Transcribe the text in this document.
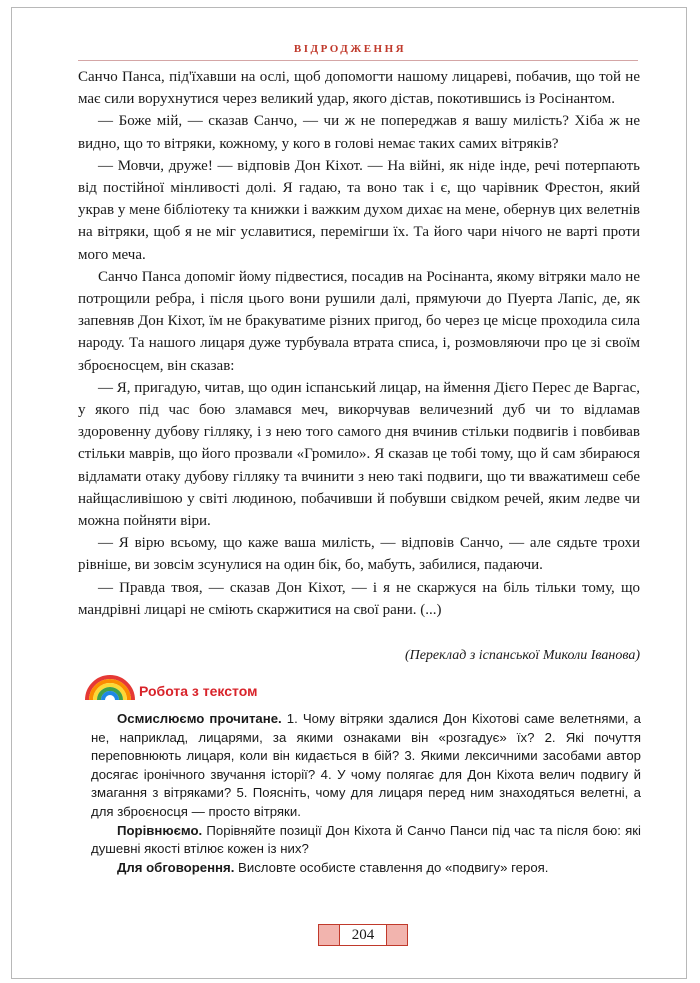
ВІДРОДЖЕННЯ

Санчо Панса, під'їхавши на ослі, щоб допомогти нашому лицареві, побачив, що той не має сили ворухнутися через великий удар, якого дістав, покотившись із Росінантом.

— Боже мій, — сказав Санчо, — чи ж не попереджав я вашу милість? Хіба ж не видно, що то вітряки, кожному, у кого в голові немає таких самих вітряків?

— Мовчи, друже! — відповів Дон Кіхот. — На війні, як ніде інде, речі потерпають від постійної мінливості долі. Я гадаю, та воно так і є, що чарівник Фрестон, який украв у мене бібліотеку та книжки і важким духом дихає на мене, обернув цих велетнів на вітряки, щоб я не міг уславитися, перемігши їх. Та його чари нічого не варті проти мого меча.

Санчо Панса допоміг йому підвестися, посадив на Росінанта, якому вітряки мало не потрощили ребра, і після цього вони рушили далі, прямуючи до Пуерта Лапіс, де, як запевняв Дон Кіхот, їм не бракуватиме різних пригод, бо через це місце проходила сила народу. Та нашого лицаря дуже турбувала втрата списа, і, розмовляючи про це зі своїм зброєносцем, він сказав:

— Я, пригадую, читав, що один іспанський лицар, на ймення Дієго Перес де Варгас, у якого під час бою зламався меч, викорчував величезний дуб чи то відламав здоровенну дубову гілляку, і з нею того самого дня вчинив стільки подвигів і повбивав стільки маврів, що його прозвали «Громило». Я сказав це тобі тому, що й сам збираюся відламати отаку дубову гілляку та вчинити з нею такі подвиги, що ти вважатимеш себе найщасливішою у світі людиною, побачивши й побувши свідком речей, яким ледве чи можна пойняти віри.

— Я вірю всьому, що каже ваша милість, — відповів Санчо, — але сядьте трохи рівніше, ви зовсім зсунулися на один бік, бо, мабуть, забилися, падаючи.

— Правда твоя, — сказав Дон Кіхот, — і я не скаржуся на біль тільки тому, що мандрівні лицарі не сміють скаржитися на свої рани. (...)

(Переклад з іспанської Миколи Іванова)
Робота з текстом

Осмислюємо прочитане. 1. Чому вітряки здалися Дон Кіхотові саме велетнями, а не, наприклад, лицарями, за якими ознаками він «розгадує» їх? 2. Які почуття переповнюють лицаря, коли він кидається в бій? 3. Якими лексичними засобами автор досягає іронічного звучання історії? 4. У чому полягає для Дон Кіхота велич подвигу й змагання з вітряками? 5. Поясніть, чому для лицаря перед ним знаходяться велетні, а для зброєносця — просто вітряки.

Порівнюємо. Порівняйте позиції Дон Кіхота й Санчо Панси під час та після бою: які душевні якості втілює кожен із них?

Для обговорення. Висловте особисте ставлення до «подвигу» героя.

204
